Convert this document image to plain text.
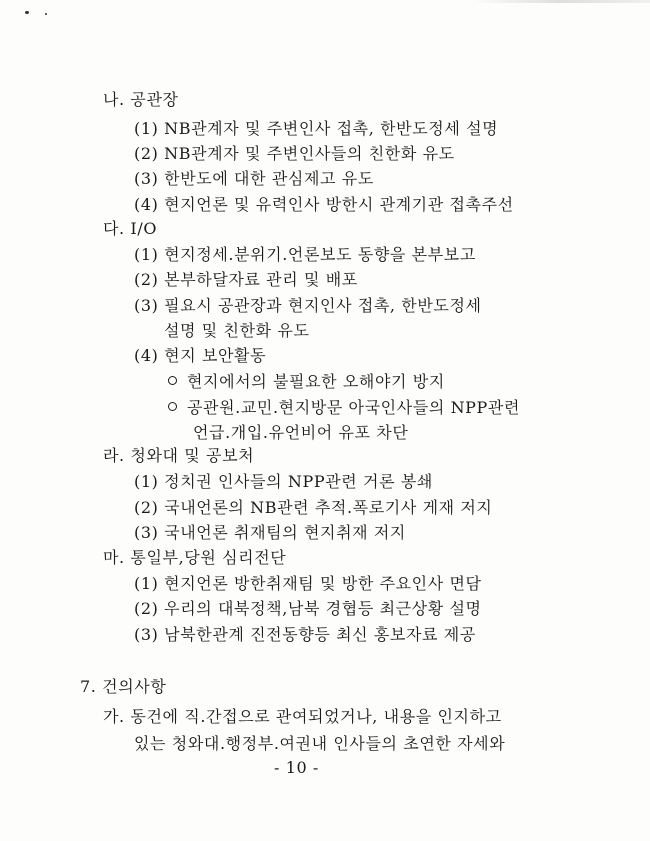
나. 공관장
(1) NB관계자 및 주변인사 접촉, 한반도정세 설명
(2) NB관계자 및 주변인사들의 친한화 유도
(3) 한반도에 대한 관심제고 유도
(4) 현지언론 및 유력인사 방한시 관계기관 접촉주선
다. I/O
(1) 현지정세.분위기.언론보도 동향을 본부보고
(2) 본부하달자료 관리 및 배포
(3) 필요시 공관장과 현지인사 접촉, 한반도정세
설명 및 친한화 유도
(4) 현지 보안활동
현지에서의 불필요한 오해야기 방지
공관원.교민.현지방문 아국인사들의 NPP관련
언급.개입.유언비어 유포 차단
라. 청와대 및 공보처
(1) 정치권 인사들의 NPP관련 거론 봉쇄
(2) 국내언론의 NB관련 추적.폭로기사 게재 저지
(3) 국내언론 취재팀의 현지취재 저지
마. 통일부,당원 심리전단
(1) 현지언론 방한취재팀 및 방한 주요인사 면담
(2) 우리의 대북정책,남북 경협등 최근상황 설명
(3) 남북한관계 진전동향등 최신 홍보자료 제공
7. 건의사항
가. 동건에 직.간접으로 관여되었거나, 내용을 인지하고
있는 청와대.행정부.여권내 인사들의 초연한 자세와
- 10 -
